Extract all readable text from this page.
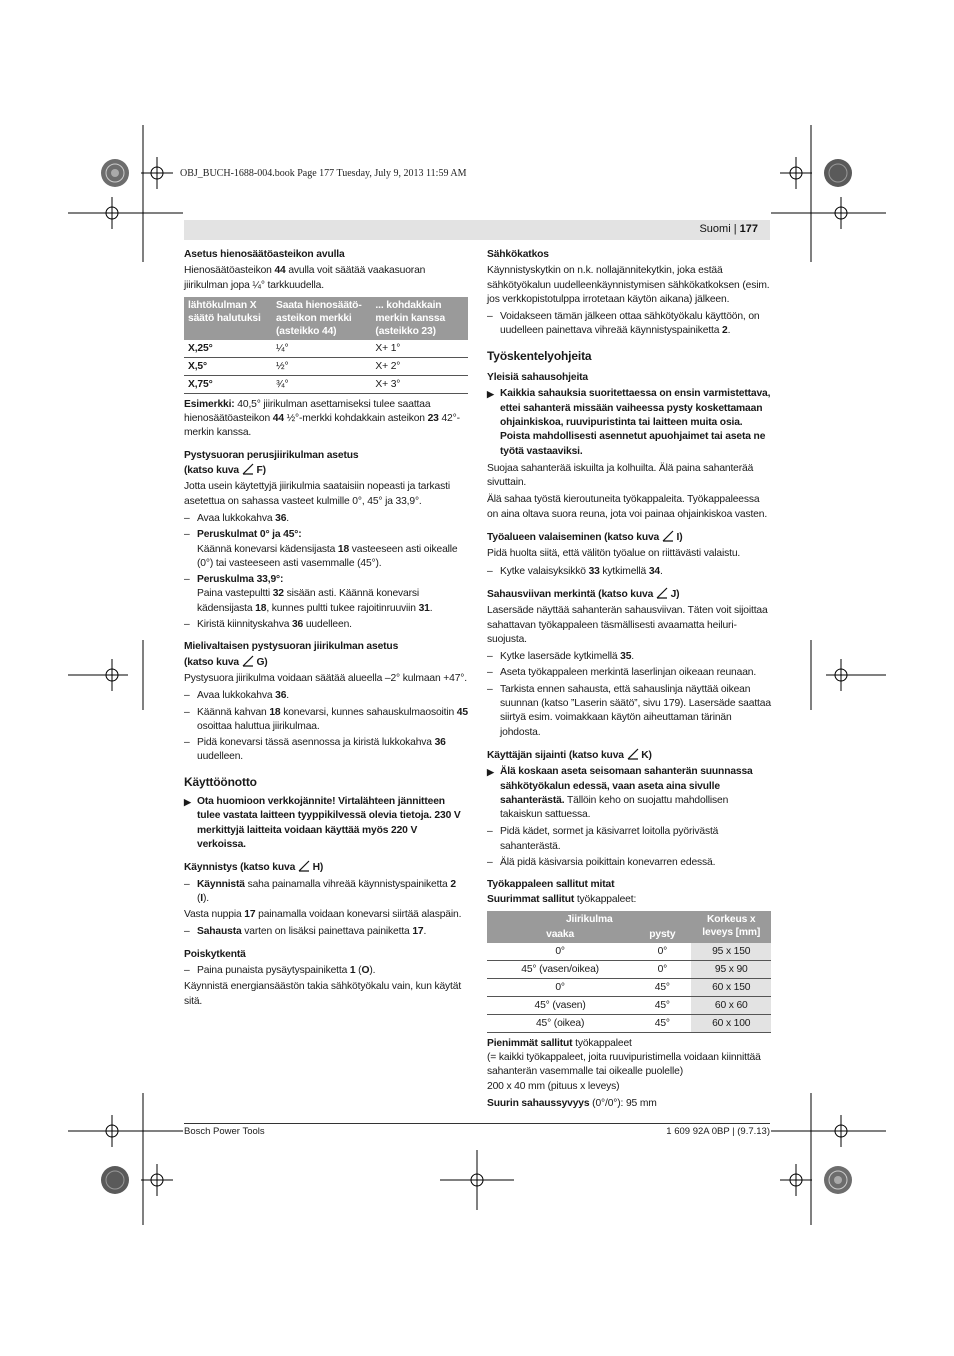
OBJ_BUCH-1688-004.book Page 177 Tuesday, July 9, 2013 11:59 AM
Suomi | 177
Asetus hienosäätöasteikon avulla

Hienosäätöasteikon 44 avulla voit säätää vaakasuoran jiirikulman jopa ¼° tarkkuudella.

lähtökulman X säätö halutuksi	Saata hienosäätö- asteikon merkki (asteikko 44)	... kohdakkain merkin kanssa (asteikko 23)
X,25°	¼°	X+ 1°
X,5°	½°	X+ 2°
X,75°	¾°	X+ 3°

Esimerkki: 40,5° jiirikulman asettamiseksi tulee saattaa hienosäätöasteikon 44 ½°-merkki kohdakkain asteikon 23 42°-merkin kanssa.

Pystysuoran perusjiirikulman asetus
(katso kuva  F)

Jotta usein käytettyjä jiirikulmia saataisiin nopeasti ja tarkasti asetettua on sahassa vasteet kulmille 0°, 45° ja 33,9°.

– Avaa lukkokahva 36.
– Peruskulmat 0° ja 45°:
Käännä konevarsi kädensijasta 18 vasteeseen asti oikealle (0°) tai vasteeseen asti vasemmalle (45°).
– Peruskulma 33,9°:
Paina vastepultti 32 sisään asti. Käännä konevarsi kädensijasta 18, kunnes pultti tukee rajoitinruuviin 31.
– Kiristä kiinnityskahva 36 uudelleen.
Mielivaltaisen pystysuoran jiirikulman asetus
(katso kuva  G)

Pystysuora jiirikulma voidaan säätää alueella –2° kulmaan +47°.

– Avaa lukkokahva 36.
– Käännä kahvan 18 konevarsi, kunnes sahauskulmaosoitin 45 osoittaa haluttua jiirikulmaa.
– Pidä konevarsi tässä asennossa ja kiristä lukkokahva 36 uudelleen.
Käyttöönotto
▶ Ota huomioon verkkojännite! Virtalähteen jännitteen tulee vastata laitteen tyyppikilvessä olevia tietoja. 230 V merkittyjä laitteita voidaan käyttää myös 220 V verkoissa.
Käynnistys (katso kuva  H)
– Käynnistä saha painamalla vihreää käynnistyspainiketta 2 (I).

Vasta nuppia 17 painamalla voidaan konevarsi siirtää alaspäin.

– Sahausta varten on lisäksi painettava painiketta 17.
Poiskytkentä
– Paina punaista pysäytyspainiketta 1 (O).

Käynnistä energiansäästön takia sähkötyökalu vain, kun käytät sitä.

Sähkökatkos

Käynnistyskytkin on n.k. nollajännitekytkin, joka estää sähkötyökalun uudelleenkäynnistymisen sähkökatkoksen (esim. jos verkkopistotulppa irrotetaan käytön aikana) jälkeen.

– Voidakseen tämän jälkeen ottaa sähkötyökalu käyttöön, on uudelleen painettava vihreää käynnistyspainiketta 2.
Työskentelyohjeita
Yleisiä sahausohjeita
▶ Kaikkia sahauksia suoritettaessa on ensin varmistettava, ettei sahanterä missään vaiheessa pysty koskettamaan ohjainkiskoa, ruuvipuristinta tai laitteen muita osia. Poista mahdollisesti asennetut apuohjaimet tai aseta ne työtä vastaaviksi.

Suojaa sahanterää iskuilta ja kolhuilta. Älä paina sahanterää sivuttain.

Älä sahaa työstä kieroutuneita työkappaleita. Työkappaleessa on aina oltava suora reuna, jota voi painaa ohjainkiskoa vasten.

Työalueen valaiseminen (katso kuva  I)

Pidä huolta siitä, että välitön työalue on riittävästi valaistu.

– Kytke valaisyksikkö 33 kytkimellä 34.
Sahausviivan merkintä (katso kuva  J)

Lasersäde näyttää sahanterän sahausviivan. Täten voit sijoittaa sahattavan työkappaleen täsmällisesti avaamatta heiluri-suojusta.

– Kytke lasersäde kytkimellä 35.
– Aseta työkappaleen merkintä laserlinjan oikeaan reunaan.
– Tarkista ennen sahausta, että sahauslinja näyttää oikean suunnan (katso ”Laserin säätö”, sivu 179). Lasersäde saattaa siirtyä esim. voimakkaan käytön aiheuttaman tärinän johdosta.
Käyttäjän sijainti (katso kuva  K)
▶ Älä koskaan aseta seisomaan sahanterän suunnassa sähkötyökalun edessä, vaan aseta aina sivulle sahanterästä. Tällöin keho on suojattu mahdollisen takaiskun sattuessa.
– Pidä kädet, sormet ja käsivarret loitolla pyörivästä sahanterästä.
– Älä pidä käsivarsia poikittain konevarren edessä.
Työkappaleen sallitut mitat

Suurimmat sallitut työkappaleet:

Jiirikulma		Korkeus x leveys [mm]
vaaka	pysty	
0°	0°	95 x 150
45° (vasen/oikea)	0°	95 x 90
0°	45°	60 x 150
45° (vasen)	45°	60 x 60
45° (oikea)	45°	60 x 100

Pienimmät sallitut työkappaleet

(= kaikki työkappaleet, joita ruuvipuristimella voidaan kiinnittää sahanterän vasemmalle tai oikealle puolelle)

200 x 40 mm (pituus x leveys)

Suurin sahaussyvyys (0°/0°): 95 mm

Bosch Power Tools	1 609 92A 0BP | (9.7.13)
